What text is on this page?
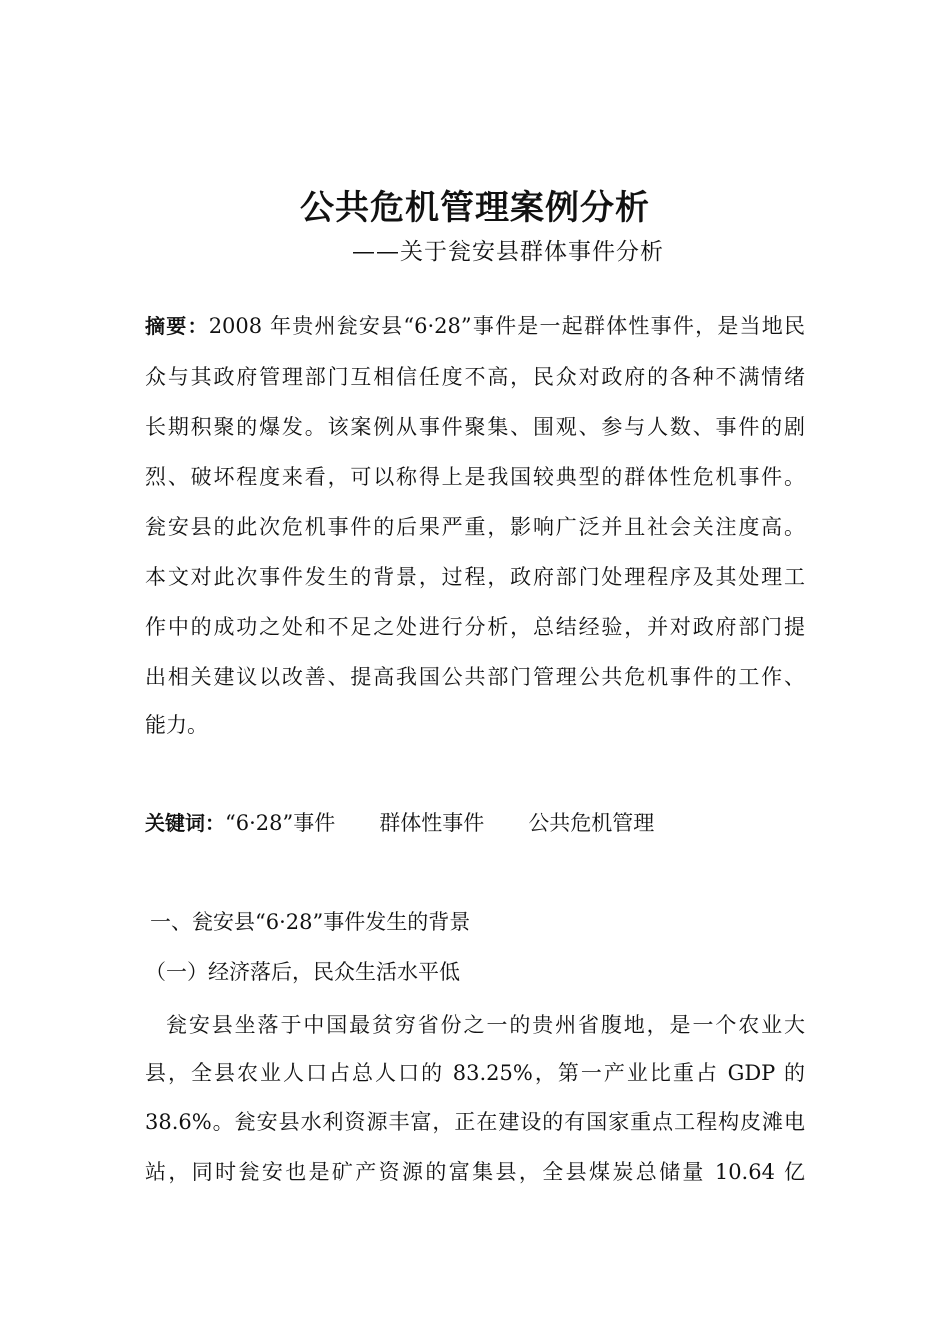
公共危机管理案例分析
——关于瓮安县群体事件分析
摘要：2008 年贵州瓮安县“6·28”事件是一起群体性事件，是当地民
众与其政府管理部门互相信任度不高，民众对政府的各种不满情绪
长期积聚的爆发。该案例从事件聚集、围观、参与人数、事件的剧
烈、破坏程度来看，可以称得上是我国较典型的群体性危机事件。
瓮安县的此次危机事件的后果严重，影响广泛并且社会关注度高。
本文对此次事件发生的背景，过程，政府部门处理程序及其处理工
作中的成功之处和不足之处进行分析，总结经验，并对政府部门提
出相关建议以改善、提高我国公共部门管理公共危机事件的工作、
能力。
关键词：“6·28”事件 群体性事件 公共危机管理
一、瓮安县“6·28”事件发生的背景
（一）经济落后，民众生活水平低
瓮安县坐落于中国最贫穷省份之一的贵州省腹地，是一个农业大
县，全县农业人口占总人口的 83.25%，第一产业比重占 GDP 的
38.6%。瓮安县水利资源丰富，正在建设的有国家重点工程构皮滩电
站，同时瓮安也是矿产资源的富集县，全县煤炭总储量 10.64 亿
